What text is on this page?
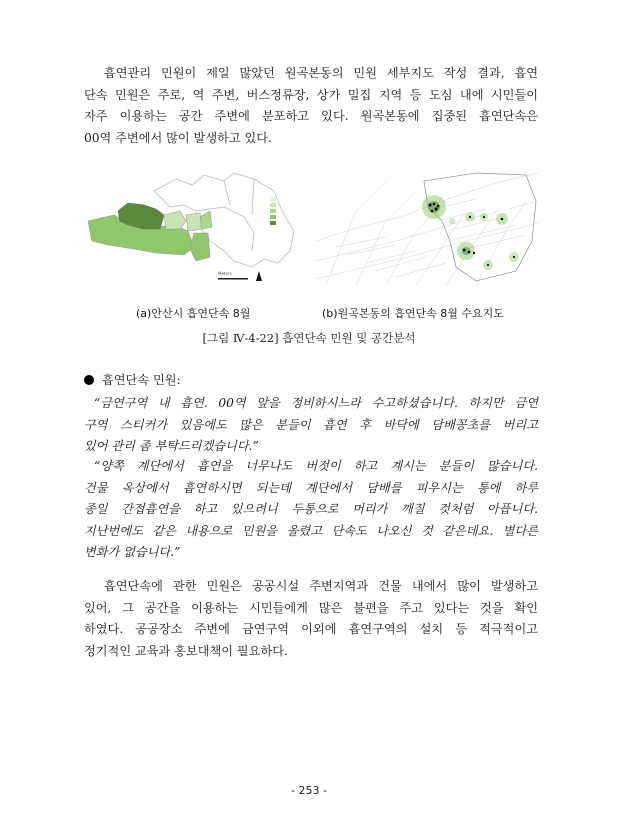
흡연관리 민원이 제일 많았던 원곡본동의 민원 세부지도 작성 결과, 흡연
단속 민원은 주로, 역 주변, 버스정류장, 상가 밀집 지역 등 도심 내에 시민들이
자주 이용하는 공간 주변에 분포하고 있다. 원곡본동에 집중된 흡연단속은
00역 주변에서 많이 발생하고 있다.
Meters
(a)안산시 흡연단속 8월	(b)원곡본동의 흡연단속 8월 수요지도
[그림 Ⅳ-4-22] 흡연단속 민원 및 공간분석
흡연단속 민원:
“금연구역 내 흡연. 00역 앞을 정비하시느라 수고하셨습니다. 하지만 금연
구역 스티커가 있음에도 많은 분들이 흡연 후 바닥에 담배꽁초를 버리고
있어 관리 좀 부탁드리겠습니다.”
“양쪽 계단에서 흡연을 너무나도 버젓이 하고 계시는 분들이 많습니다.
건물 옥상에서 흡연하시면 되는데 계단에서 담배를 피우시는 통에 하루
종일 간접흡연을 하고 있으려니 두통으로 머리가 깨질 것처럼 아픕니다.
지난번에도 같은 내용으로 민원을 올렸고 단속도 나오신 것 같은데요. 별다른
변화가 없습니다.”
흡연단속에 관한 민원은 공공시설 주변지역과 건물 내에서 많이 발생하고
있어, 그 공간을 이용하는 시민들에게 많은 불편을 주고 있다는 것을 확인
하였다. 공공장소 주변에 금연구역 이외에 흡연구역의 설치 등 적극적이고
정기적인 교육과 홍보대책이 필요하다.
- 253 -
